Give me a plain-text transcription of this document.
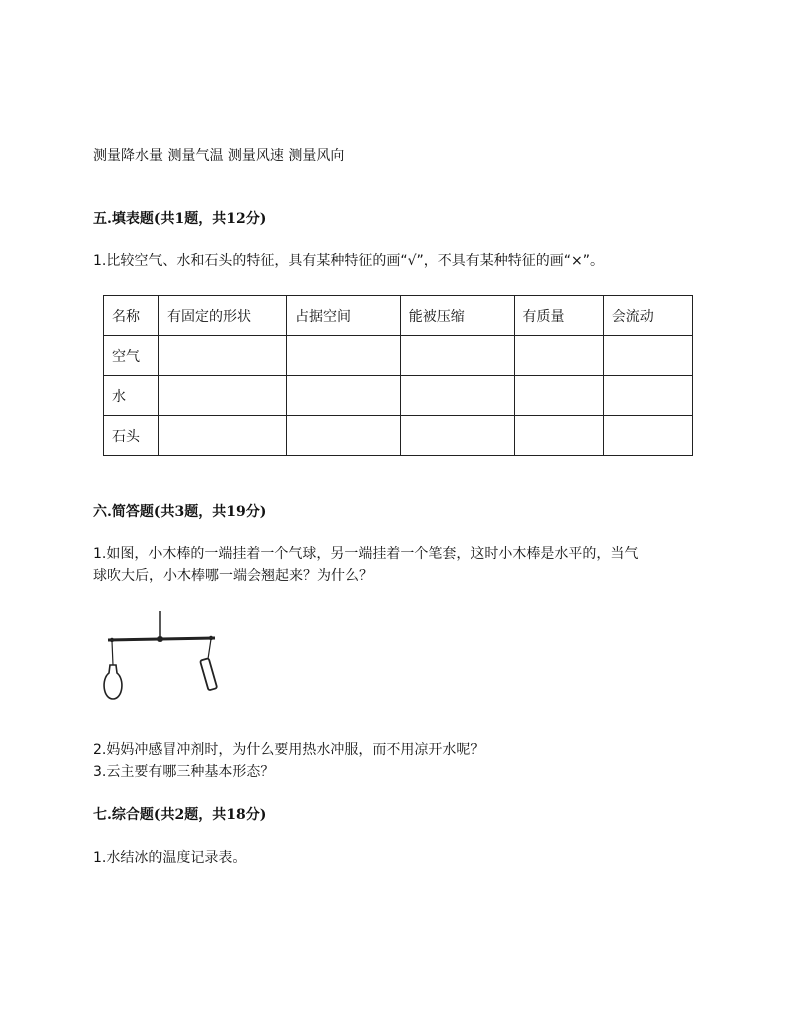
测量降水量 测量气温 测量风速 测量风向
五.填表题(共1题，共12分)
1.比较空气、水和石头的特征，具有某种特征的画“√”，不具有某种特征的画“×”。
名称	有固定的形状	占据空间	能被压缩	有质量	会流动
空气					
水					
石头					
六.简答题(共3题，共19分)
1.如图，小木棒的一端挂着一个气球，另一端挂着一个笔套，这时小木棒是水平的，当气
球吹大后，小木棒哪一端会翘起来？为什么？
2.妈妈冲感冒冲剂时，为什么要用热水冲服，而不用凉开水呢？
3.云主要有哪三种基本形态？
七.综合题(共2题，共18分)
1.水结冰的温度记录表。
